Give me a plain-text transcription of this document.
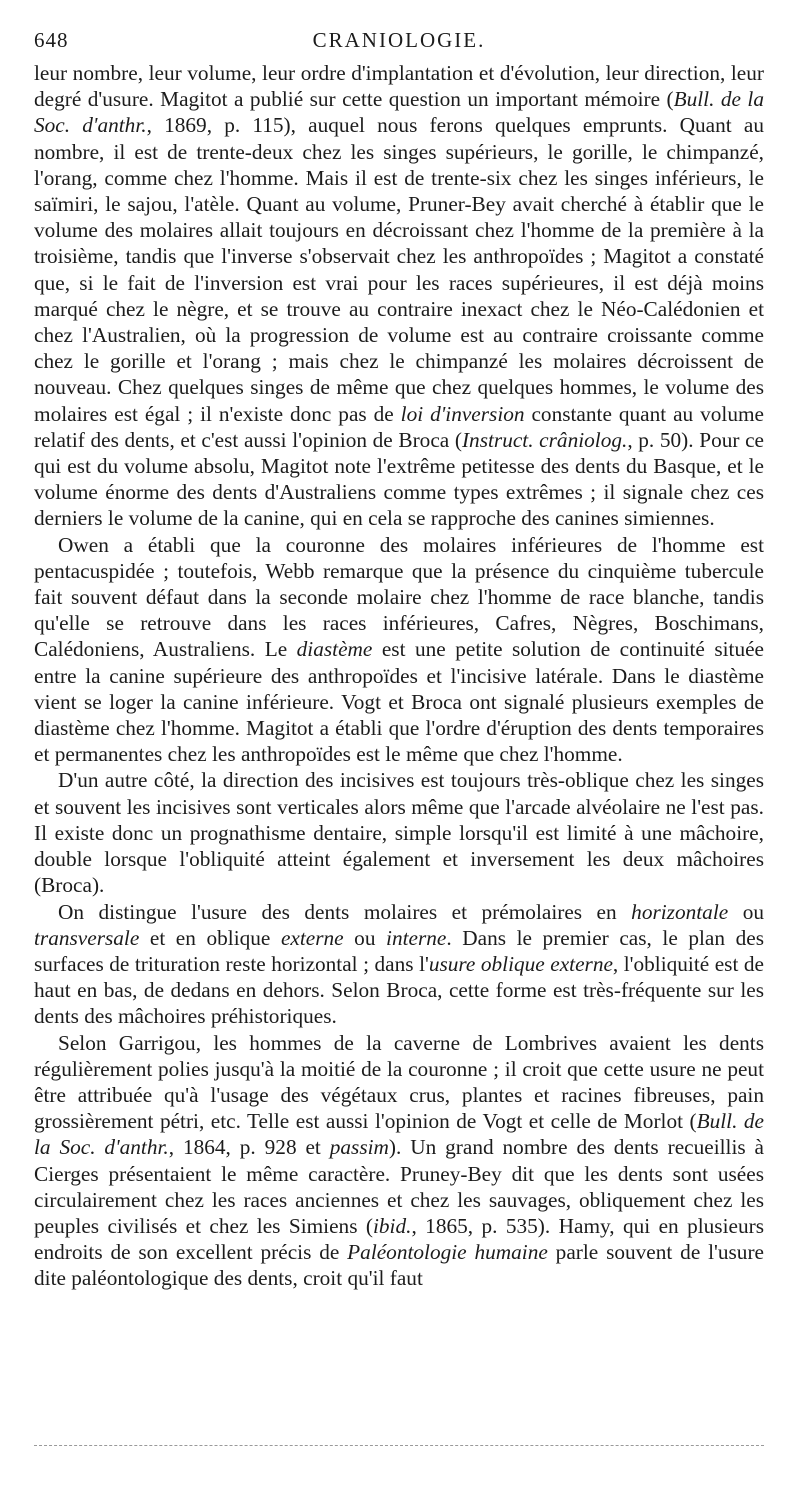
648	CRANIOLOGIE.

leur nombre, leur volume, leur ordre d'implantation et d'évolution, leur direction, leur degré d'usure. Magitot a publié sur cette question un important mémoire (Bull. de la Soc. d'anthr., 1869, p. 115), auquel nous ferons quelques emprunts. Quant au nombre, il est de trente-deux chez les singes supérieurs, le gorille, le chimpanzé, l'orang, comme chez l'homme. Mais il est de trente-six chez les singes inférieurs, le saïmiri, le sajou, l'atèle. Quant au volume, Pruner-Bey avait cherché à établir que le volume des molaires allait toujours en décroissant chez l'homme de la première à la troisième, tandis que l'inverse s'observait chez les anthropoïdes ; Magitot a constaté que, si le fait de l'inversion est vrai pour les races supérieures, il est déjà moins marqué chez le nègre, et se trouve au contraire inexact chez le Néo-Calédonien et chez l'Australien, où la progression de volume est au contraire croissante comme chez le gorille et l'orang ; mais chez le chimpanzé les molaires décroissent de nouveau. Chez quelques singes de même que chez quelques hommes, le volume des molaires est égal ; il n'existe donc pas de loi d'inversion constante quant au volume relatif des dents, et c'est aussi l'opinion de Broca (Instruct. crâniolog., p. 50). Pour ce qui est du volume absolu, Magitot note l'extrême petitesse des dents du Basque, et le volume énorme des dents d'Australiens comme types extrêmes ; il signale chez ces derniers le volume de la canine, qui en cela se rapproche des canines simiennes.

Owen a établi que la couronne des molaires inférieures de l'homme est pentacuspidée ; toutefois, Webb remarque que la présence du cinquième tubercule fait souvent défaut dans la seconde molaire chez l'homme de race blanche, tandis qu'elle se retrouve dans les races inférieures, Cafres, Nègres, Boschimans, Calédoniens, Australiens. Le diastème est une petite solution de continuité située entre la canine supérieure des anthropoïdes et l'incisive latérale. Dans le diastème vient se loger la canine inférieure. Vogt et Broca ont signalé plusieurs exemples de diastème chez l'homme. Magitot a établi que l'ordre d'éruption des dents temporaires et permanentes chez les anthropoïdes est le même que chez l'homme.

D'un autre côté, la direction des incisives est toujours très-oblique chez les singes et souvent les incisives sont verticales alors même que l'arcade alvéolaire ne l'est pas. Il existe donc un prognathisme dentaire, simple lorsqu'il est limité à une mâchoire, double lorsque l'obliquité atteint également et inversement les deux mâchoires (Broca).

On distingue l'usure des dents molaires et prémolaires en horizontale ou transversale et en oblique externe ou interne. Dans le premier cas, le plan des surfaces de trituration reste horizontal ; dans l'usure oblique externe, l'obliquité est de haut en bas, de dedans en dehors. Selon Broca, cette forme est très-fréquente sur les dents des mâchoires préhistoriques.

Selon Garrigou, les hommes de la caverne de Lombrives avaient les dents régulièrement polies jusqu'à la moitié de la couronne ; il croit que cette usure ne peut être attribuée qu'à l'usage des végétaux crus, plantes et racines fibreuses, pain grossièrement pétri, etc. Telle est aussi l'opinion de Vogt et celle de Morlot (Bull. de la Soc. d'anthr., 1864, p. 928 et passim). Un grand nombre des dents recueillis à Cierges présentaient le même caractère. Pruney-Bey dit que les dents sont usées circulairement chez les races anciennes et chez les sauvages, obliquement chez les peuples civilisés et chez les Simiens (ibid., 1865, p. 535). Hamy, qui en plusieurs endroits de son excellent précis de Paléontologie humaine parle souvent de l'usure dite paléontologique des dents, croit qu'il faut
